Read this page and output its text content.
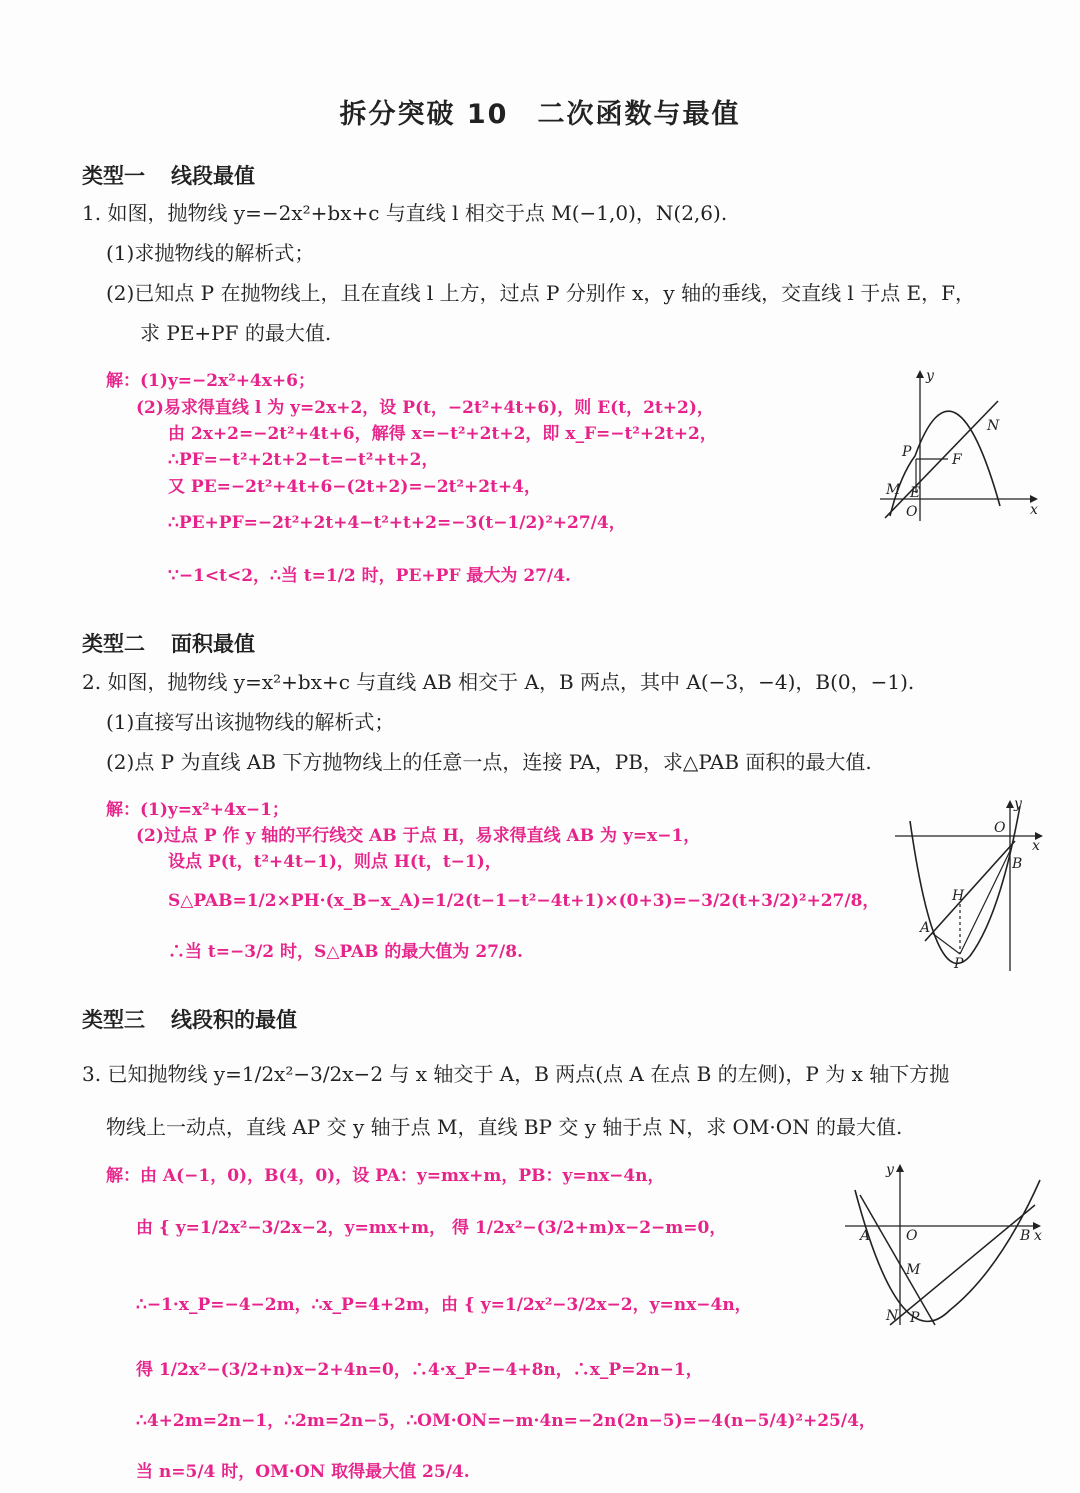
拆分突破 10　二次函数与最值
类型一 线段最值
1. 如图，抛物线 y=−2x²+bx+c 与直线 l 相交于点 M(−1,0)，N(2,6).
(1)求抛物线的解析式；
(2)已知点 P 在抛物线上，且在直线 l 上方，过点 P 分别作 x，y 轴的垂线，交直线 l 于点 E，F，
求 PE+PF 的最大值.
解：(1)y=−2x²+4x+6；
(2)易求得直线 l 为 y=2x+2，设 P(t，−2t²+4t+6)，则 E(t，2t+2)，
由 2x+2=−2t²+4t+6，解得 x=−t²+2t+2，即 x_F=−t²+2t+2，
∴PF=−t²+2t+2−t=−t²+t+2，
又 PE=−2t²+4t+6−(2t+2)=−2t²+2t+4，
∴PE+PF=−2t²+2t+4−t²+t+2=−3(t−1/2)²+27/4，
∵−1<t<2，∴当 t=1/2 时，PE+PF 最大为 27/4.
y
N
P	F
M E
O	x
类型二 面积最值
2. 如图，抛物线 y=x²+bx+c 与直线 AB 相交于 A，B 两点，其中 A(−3，−4)，B(0，−1).
(1)直接写出该抛物线的解析式；
(2)点 P 为直线 AB 下方抛物线上的任意一点，连接 PA，PB，求△PAB 面积的最大值.
解：(1)y=x²+4x−1；
(2)过点 P 作 y 轴的平行线交 AB 于点 H，易求得直线 AB 为 y=x−1，
设点 P(t，t²+4t−1)，则点 H(t，t−1)，
S△PAB=1/2×PH·(x_B−x_A)=1/2(t−1−t²−4t+1)×(0+3)=−3/2(t+3/2)²+27/8，
∴当 t=−3/2 时，S△PAB 的最大值为 27/8.
y
O
x
B
H
A
P
类型三 线段积的最值
3. 已知抛物线 y=1/2x²−3/2x−2 与 x 轴交于 A，B 两点(点 A 在点 B 的左侧)，P 为 x 轴下方抛
物线上一动点，直线 AP 交 y 轴于点 M，直线 BP 交 y 轴于点 N，求 OM·ON 的最大值.
解：由 A(−1，0)，B(4，0)，设 PA：y=mx+m，PB：y=nx−4n，
由 { y=1/2x²−3/2x−2，y=mx+m， 得 1/2x²−(3/2+m)x−2−m=0，
∴−1·x_P=−4−2m，∴x_P=4+2m，由 { y=1/2x²−3/2x−2，y=nx−4n，
得 1/2x²−(3/2+n)x−2+4n=0，∴4·x_P=−4+8n，∴x_P=2n−1，
∴4+2m=2n−1，∴2m=2n−5，∴OM·ON=−m·4n=−2n(2n−5)=−4(n−5/4)²+25/4，
当 n=5/4 时，OM·ON 取得最大值 25/4.
y
A	O	B x
M
N P
